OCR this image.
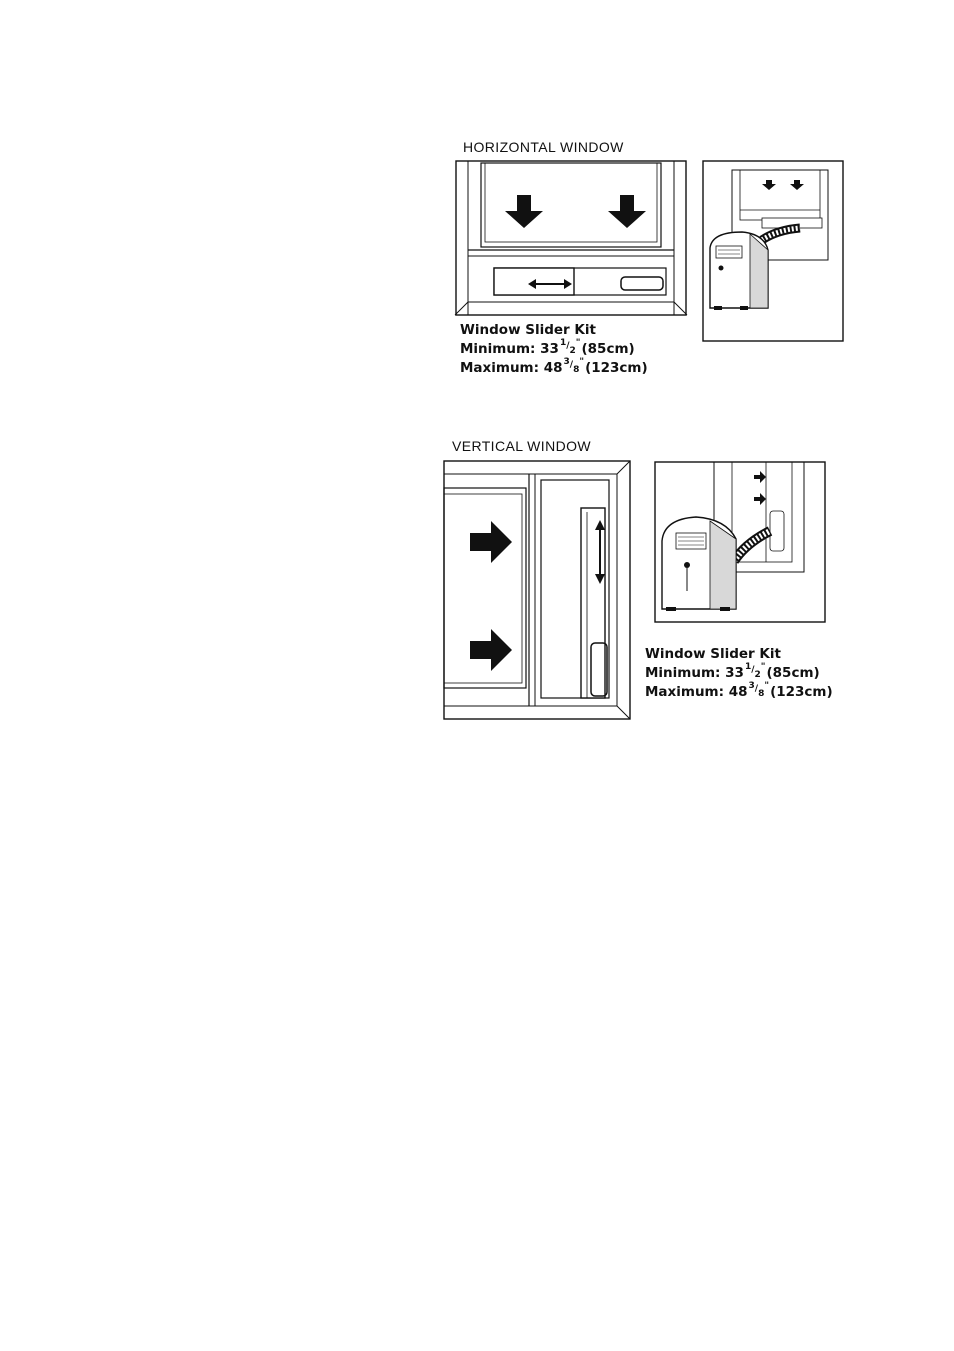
HORIZONTAL WINDOW
Window Slider Kit
Minimum: 331/2"(85cm)
Maximum: 483/8"(123cm)
VERTICAL WINDOW
Window Slider Kit
Minimum: 331/2"(85cm)
Maximum: 483/8"(123cm)
